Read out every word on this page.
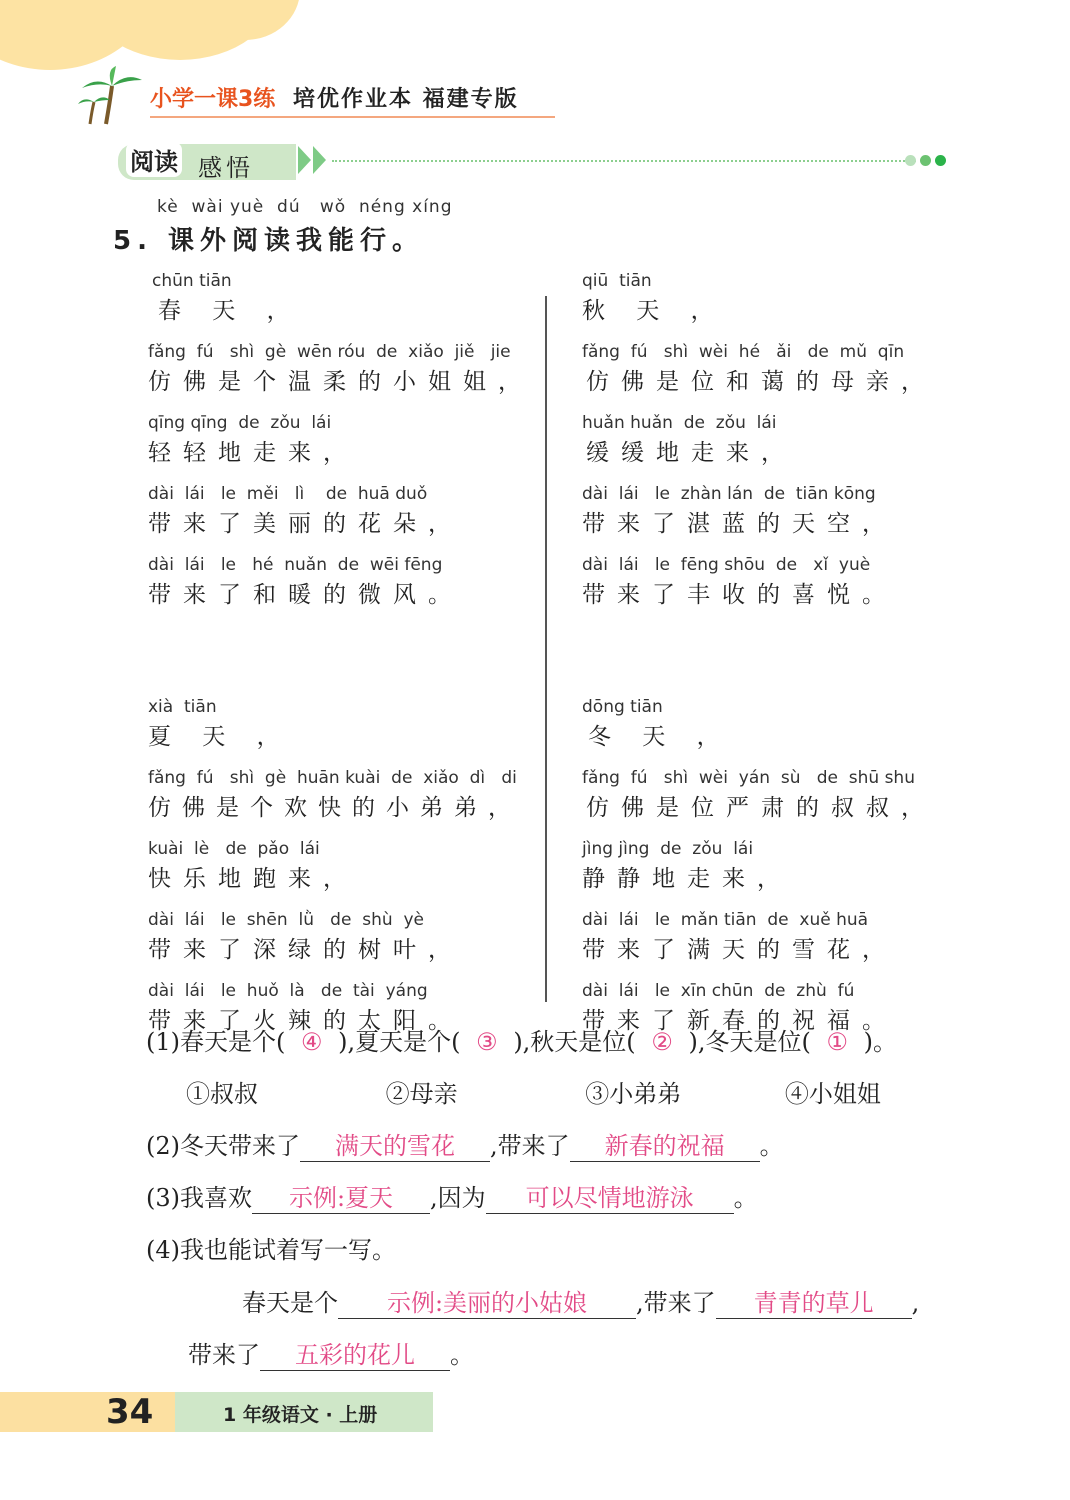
小学一课3练 培优作业本 福建专版
阅读 感悟
kè  wài yuè  dú   wǒ  néng xíng
5. 课外阅读我能行。
chūn tiān
春 天 ，
fǎng  fú   shì  gè  wēn róu  de  xiǎo  jiě   jie
仿佛是个温柔的小姐姐，
qīng qīng  de  zǒu  lái
轻轻地走来，
dài  lái   le  měi   lì    de  huā duǒ
带来了美丽的花朵，
dài  lái   le   hé  nuǎn  de  wēi fēng
带来了和暖的微风。
xià  tiān
夏 天 ，
fǎng  fú   shì  gè  huān kuài  de  xiǎo  dì   di
仿佛是个欢快的小弟弟，
kuài  lè   de  pǎo  lái
快乐地跑来，
dài  lái   le  shēn  lǜ   de  shù  yè
带来了深绿的树叶，
dài  lái   le  huǒ  là   de  tài  yáng
带来了火辣的太阳。
qiū  tiān
秋 天 ，
fǎng  fú   shì  wèi  hé   ǎi   de  mǔ  qīn
仿佛是位和蔼的母亲，
huǎn huǎn  de  zǒu  lái
缓缓地走来，
dài  lái   le  zhàn lán  de  tiān kōng
带来了湛蓝的天空，
dài  lái   le  fēng shōu  de   xǐ  yuè
带来了丰收的喜悦。
dōng tiān
冬 天 ，
fǎng  fú   shì  wèi  yán  sù   de  shū shu
仿佛是位严肃的叔叔，
jìng jìng  de  zǒu  lái
静静地走来，
dài  lái   le  mǎn tiān  de  xuě huā
带来了满天的雪花，
dài  lái   le  xīn chūn  de  zhù  fú
带来了新春的祝福。
(1)春天是个( ④ ),夏天是个( ③ ),秋天是位( ② ),冬天是位( ① )。
①叔叔	②母亲	③小弟弟	④小姐姐
(2)冬天带来了 满天的雪花 ,带来了 新春的祝福 。
(3)我喜欢 示例:夏天 ,因为 可以尽情地游泳 。
(4)我也能试着写一写。
春天是个 示例:美丽的小姑娘 ,带来了 青青的草儿 ,
带来了 五彩的花儿 。
34	1 年级语文 · 上册
